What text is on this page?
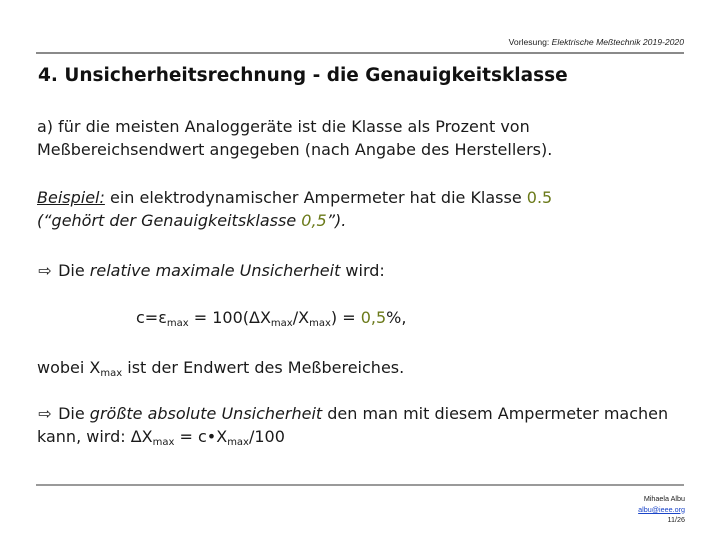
Vorlesung: Elektrische Meßtechnik 2019-2020
4. Unsicherheitsrechnung - die Genauigkeitsklasse
a) für die meisten Analoggeräte ist die Klasse als Prozent von
Meßbereichsendwert angegeben (nach Angabe des Herstellers).
Beispiel: ein elektrodynamischer Ampermeter hat die Klasse 0.5
(“gehört der Genauigkeitsklasse 0,5”).
⇨ Die relative maximale Unsicherheit wird:
$c=\varepsilon_{max} = 100(\Delta X_{max}/X_{max}) = 0,5\%$,
wobei $X_{max}$ ist der Endwert des Meßbereiches.
⇨ Die größte absolute Unsicherheit den man mit diesem Ampermeter machen
kann, wird: $\Delta X_{max}$ = $c•X_{max}/100$
Mihaela Albu
albu@ieee.org
11/26
